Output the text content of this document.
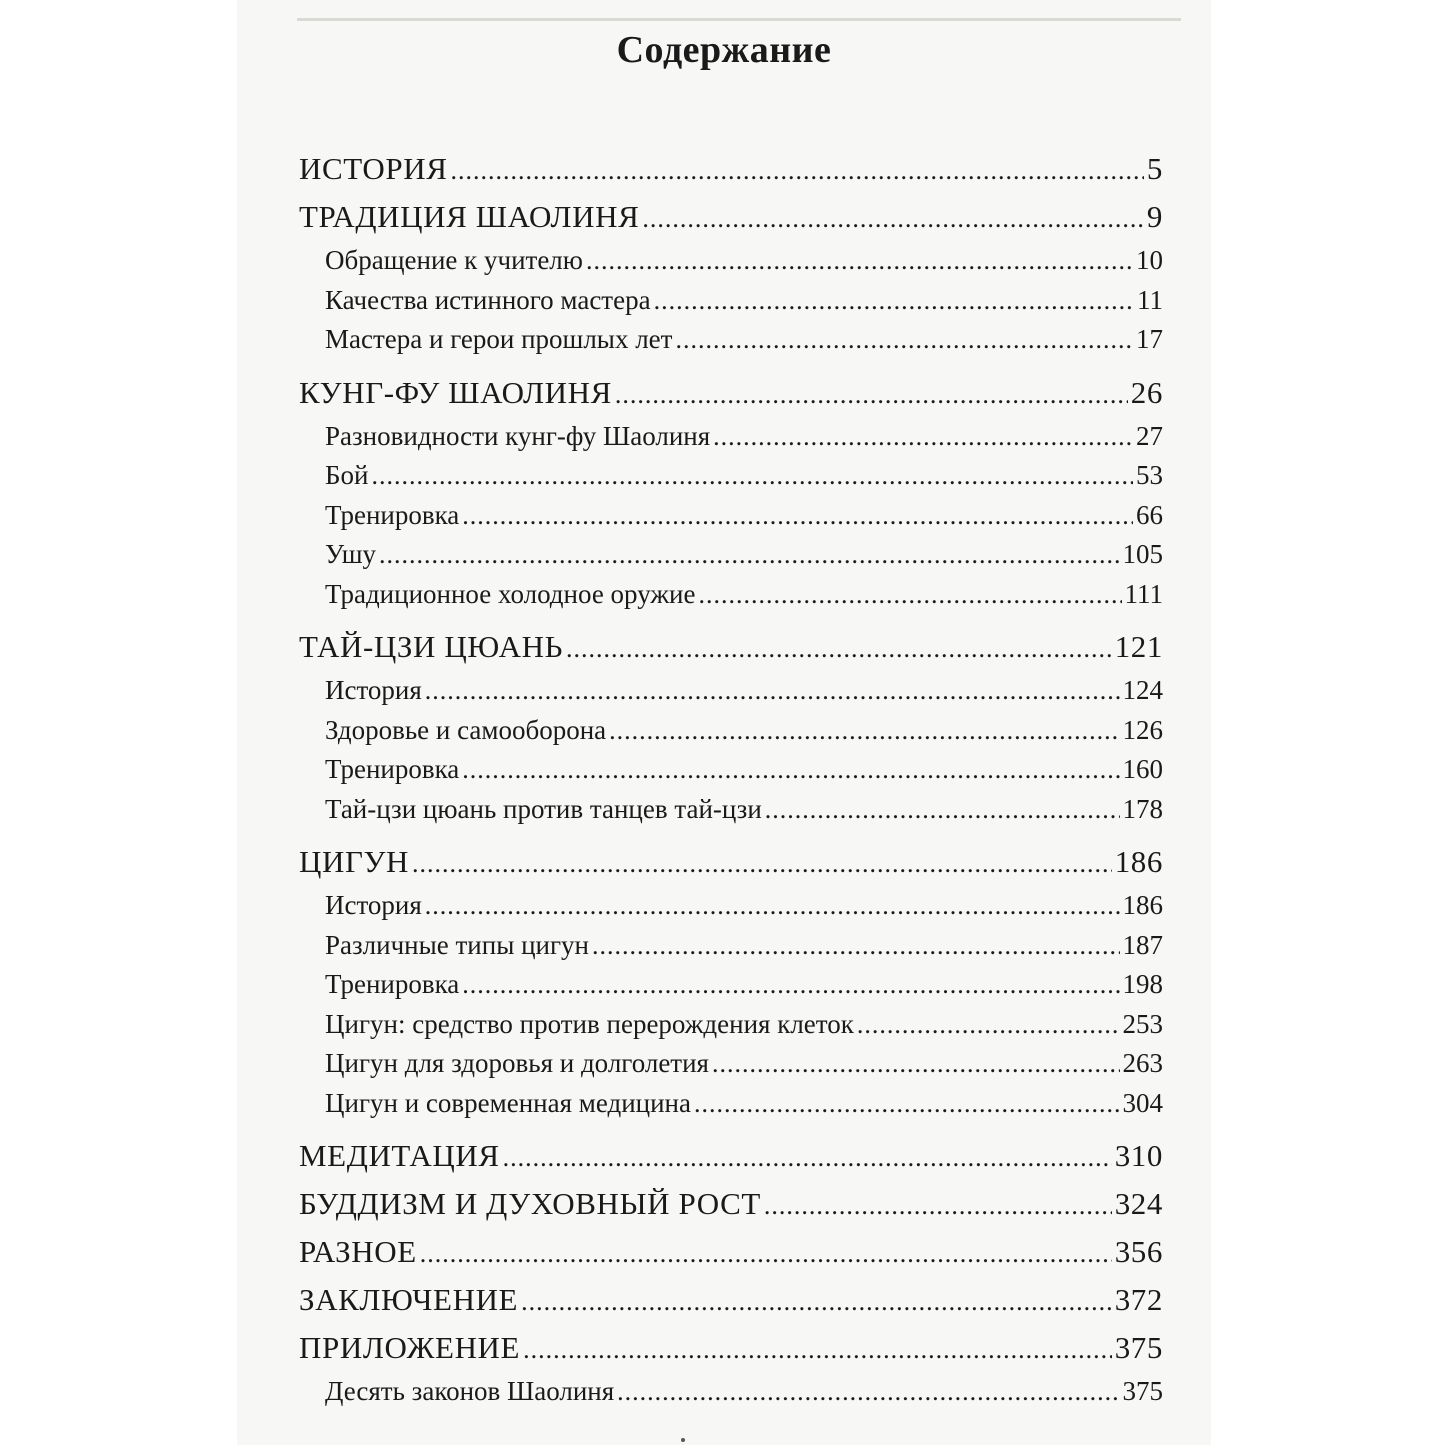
Содержание
ИСТОРИЯ .....	5
ТРАДИЦИЯ ШАОЛИНЯ .....	9
Обращение к учителю .....	10
Качества истинного мастера .....	11
Мастера и герои прошлых лет .....	17
КУНГ-ФУ ШАОЛИНЯ .....	26
Разновидности кунг-фу Шаолиня .....	27
Бой .....	53
Тренировка .....	66
Ушу .....	105
Традиционное холодное оружие .....	111
ТАЙ-ЦЗИ ЦЮАНЬ .....	121
История .....	124
Здоровье и самооборона .....	126
Тренировка .....	160
Тай-цзи цюань против танцев тай-цзи .....	178
ЦИГУН .....	186
История .....	186
Различные типы цигун .....	187
Тренировка .....	198
Цигун: средство против перерождения клеток .....	253
Цигун для здоровья и долголетия .....	263
Цигун и современная медицина .....	304
МЕДИТАЦИЯ .....	310
БУДДИЗМ И ДУХОВНЫЙ РОСТ .....	324
РАЗНОЕ .....	356
ЗАКЛЮЧЕНИЕ .....	372
ПРИЛОЖЕНИЕ .....	375
Десять законов Шаолиня .....	375
